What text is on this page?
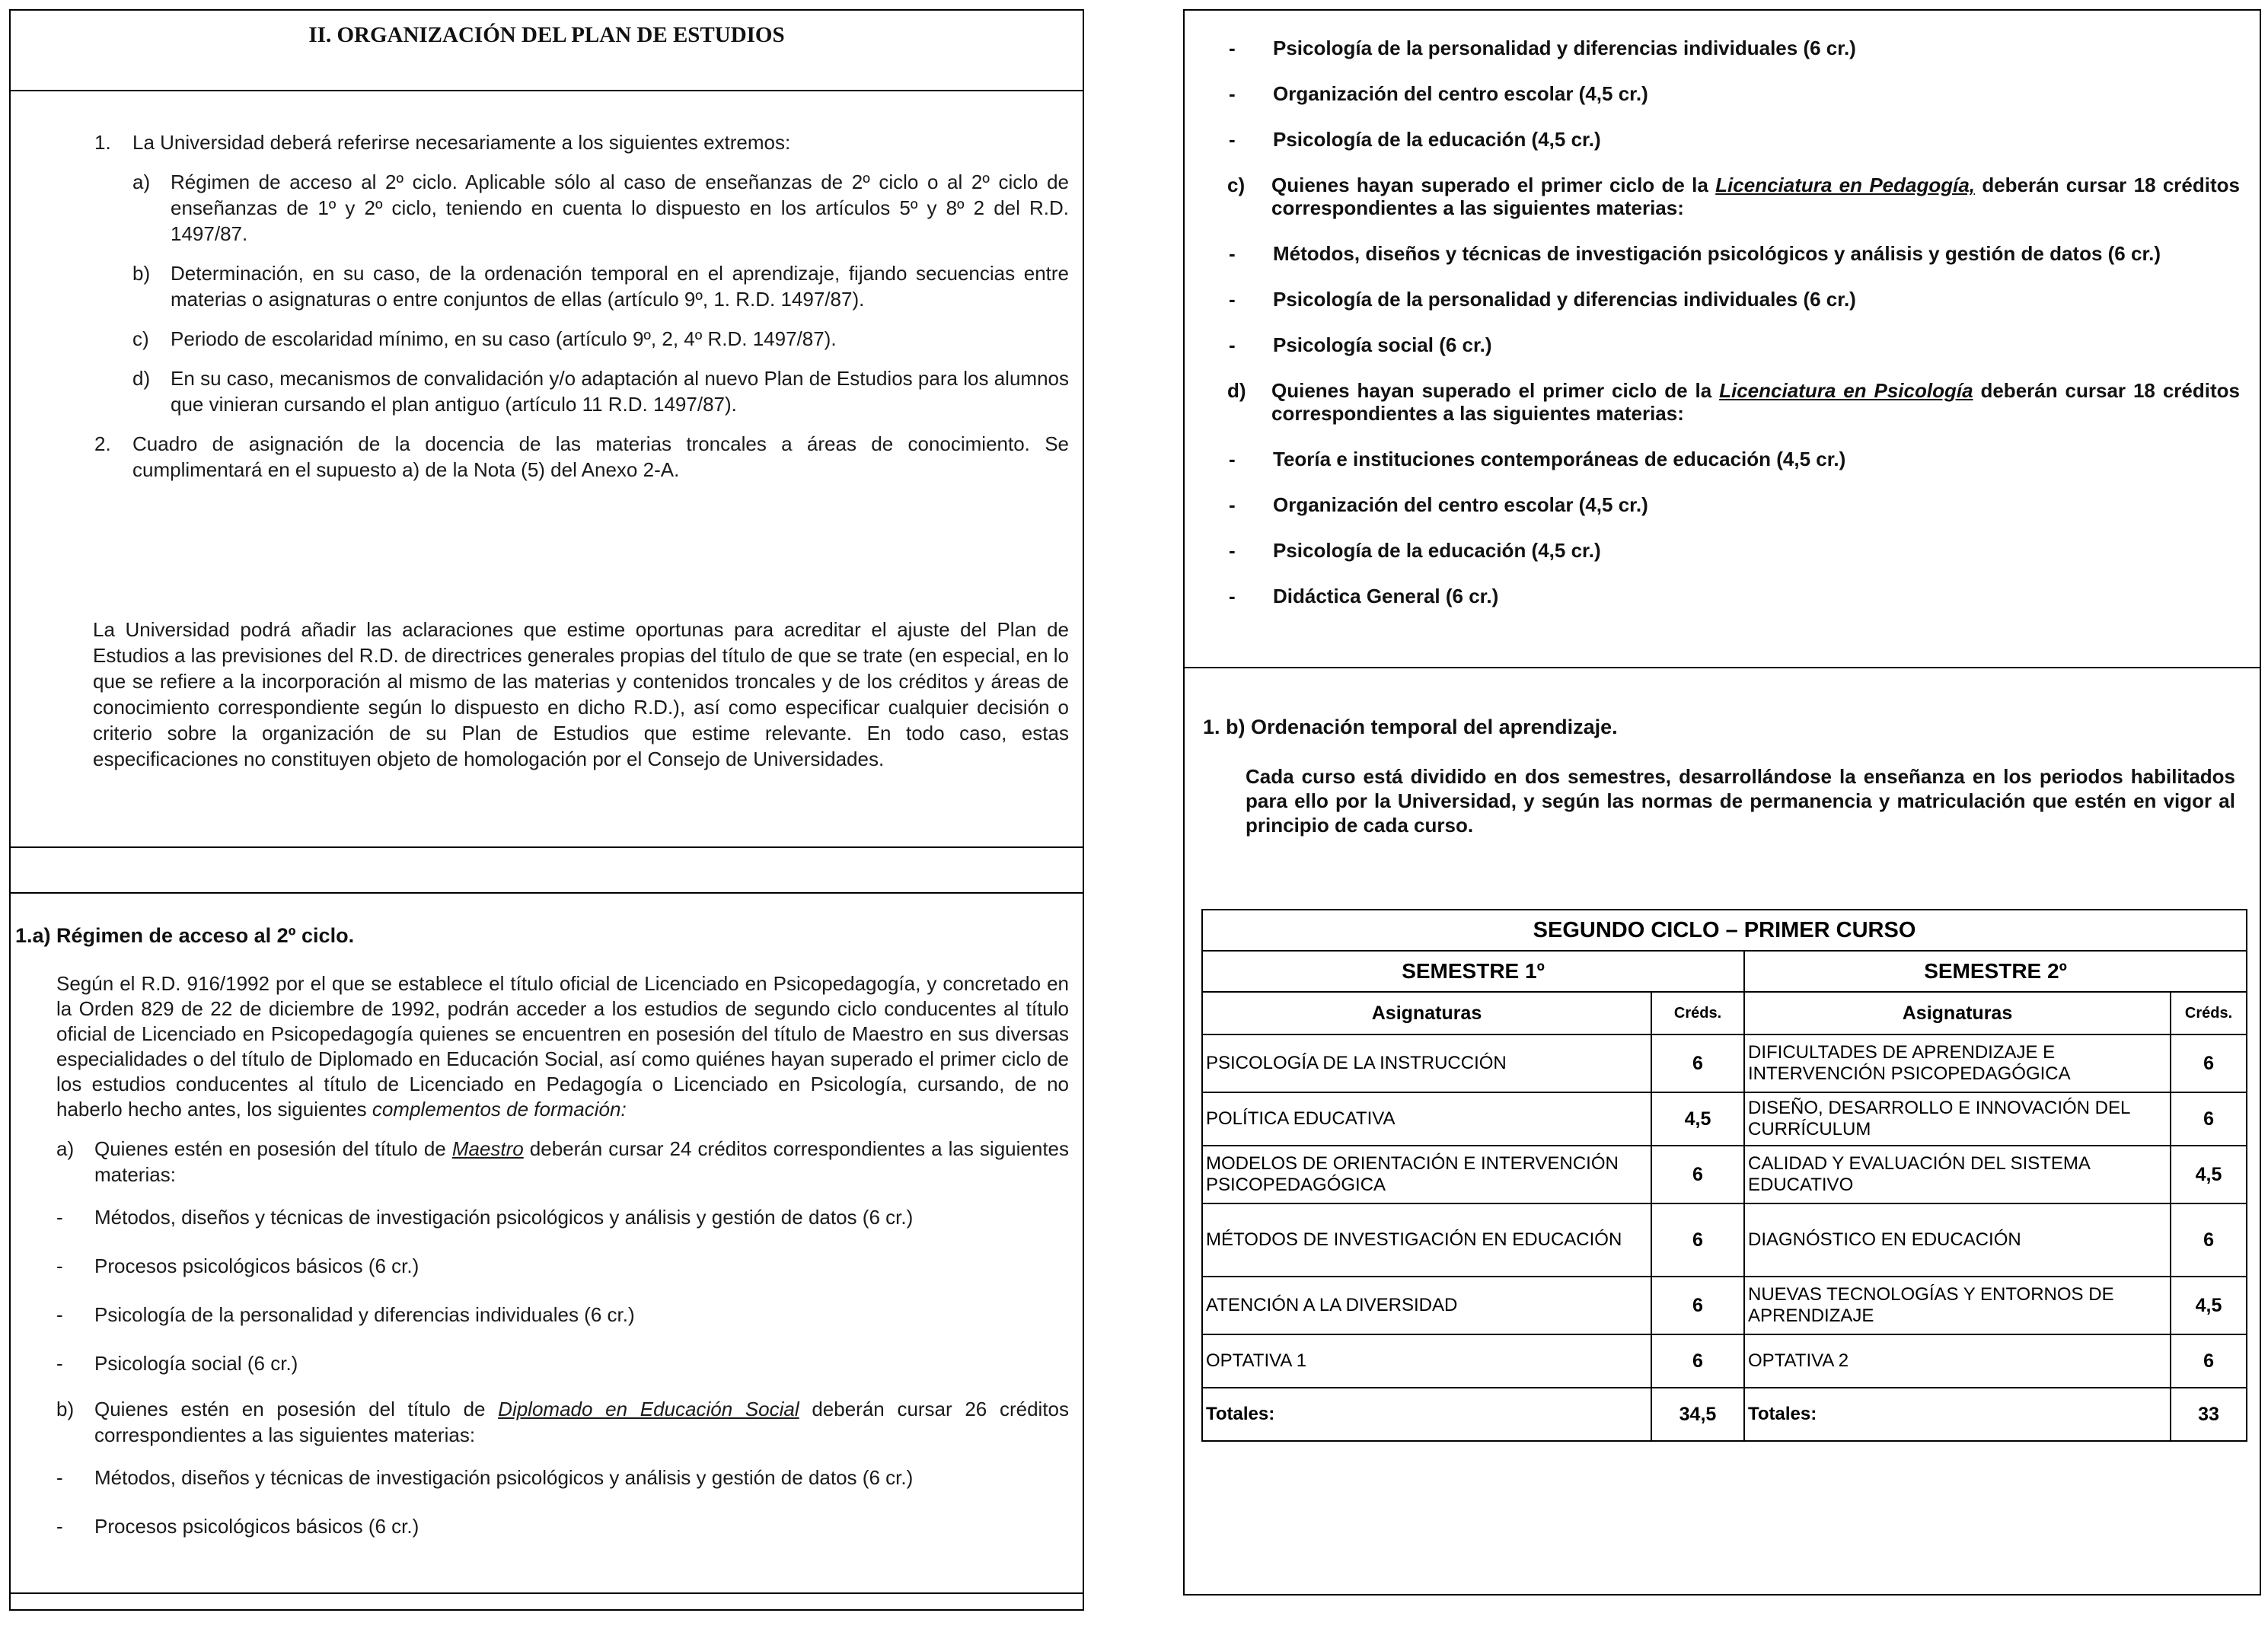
II. ORGANIZACIÓN DEL PLAN DE ESTUDIOS
1.	La Universidad deberá referirse necesariamente a los siguientes extremos:
a)	Régimen de acceso al 2º ciclo. Aplicable sólo al caso de enseñanzas de 2º ciclo o al 2º ciclo de enseñanzas de 1º y 2º ciclo, teniendo en cuenta lo dispuesto en los artículos 5º y 8º 2 del R.D. 1497/87.
b)	Determinación, en su caso, de la ordenación temporal en el aprendizaje, fijando secuencias entre materias o asignaturas o entre conjuntos de ellas (artículo 9º, 1. R.D. 1497/87).
c)	Periodo de escolaridad mínimo, en su caso (artículo 9º, 2, 4º R.D. 1497/87).
d)	En su caso, mecanismos de convalidación y/o adaptación al nuevo Plan de Estudios para los alumnos que vinieran cursando el plan antiguo (artículo 11 R.D. 1497/87).
2.	Cuadro de asignación de la docencia de las materias troncales a áreas de conocimiento. Se cumplimentará en el supuesto a) de la Nota (5) del Anexo 2-A.

La Universidad podrá añadir las aclaraciones que estime oportunas para acreditar el ajuste del Plan de Estudios a las previsiones del R.D. de directrices generales propias del título de que se trate (en especial, en lo que se refiere a la incorporación al mismo de las materias y contenidos troncales y de los créditos y áreas de conocimiento correspondiente según lo dispuesto en dicho R.D.), así como especificar cualquier decisión o criterio sobre la organización de su Plan de Estudios que estime relevante. En todo caso, estas especificaciones no constituyen objeto de homologación por el Consejo de Universidades.

1.a) Régimen de acceso al 2º ciclo.

Según el R.D. 916/1992 por el que se establece el título oficial de Licenciado en Psicopedagogía, y concretado en la Orden 829 de 22 de diciembre de 1992, podrán acceder a los estudios de segundo ciclo conducentes al título oficial de Licenciado en Psicopedagogía quienes se encuentren en posesión del título de Maestro en sus diversas especialidades o del título de Diplomado en Educación Social, así como quiénes hayan superado el primer ciclo de los estudios conducentes al título de Licenciado en Pedagogía o Licenciado en Psicología, cursando, de no haberlo hecho antes, los siguientes complementos de formación:

a)	Quienes estén en posesión del título de Maestro deberán cursar 24 créditos correspondientes a las siguientes materias:
-	Métodos, diseños y técnicas de investigación psicológicos y análisis y gestión de datos (6 cr.)
-	Procesos psicológicos básicos (6 cr.)
-	Psicología de la personalidad y diferencias individuales (6 cr.)
-	Psicología social (6 cr.)
b)	Quienes estén en posesión del título de Diplomado en Educación Social deberán cursar 26 créditos correspondientes a las siguientes materias:
-	Métodos, diseños y técnicas de investigación psicológicos y análisis y gestión de datos (6 cr.)
-	Procesos psicológicos básicos (6 cr.)
-	Psicología de la personalidad y diferencias individuales (6 cr.)
-	Organización del centro escolar (4,5 cr.)
-	Psicología de la educación (4,5 cr.)
c)	Quienes hayan superado el primer ciclo de la Licenciatura en Pedagogía, deberán cursar 18 créditos correspondientes a las siguientes materias:
-	Métodos, diseños y técnicas de investigación psicológicos y análisis y gestión de datos (6 cr.)
-	Psicología de la personalidad y diferencias individuales (6 cr.)
-	Psicología social (6 cr.)
d)	Quienes hayan superado el primer ciclo de la Licenciatura en Psicología deberán cursar 18 créditos correspondientes a las siguientes materias:
-	Teoría e instituciones contemporáneas de educación (4,5 cr.)
-	Organización del centro escolar (4,5 cr.)
-	Psicología de la educación (4,5 cr.)
-	Didáctica General (6 cr.)
1. b) Ordenación temporal del aprendizaje.
Cada curso está dividido en dos semestres, desarrollándose la enseñanza en los periodos habilitados para ello por la Universidad, y según las normas de permanencia y matriculación que estén en vigor al principio de cada curso.
SEGUNDO CICLO – PRIMER CURSO			
SEMESTRE 1º		SEMESTRE 2º	
Asignaturas	Créds.	Asignaturas	Créds.
PSICOLOGÍA DE LA INSTRUCCIÓN	6	DIFICULTADES DE APRENDIZAJE E INTERVENCIÓN PSICOPEDAGÓGICA	6
POLÍTICA EDUCATIVA	4,5	DISEÑO, DESARROLLO E INNOVACIÓN DEL CURRÍCULUM	6
MODELOS DE ORIENTACIÓN E INTERVENCIÓN PSICOPEDAGÓGICA	6	CALIDAD Y EVALUACIÓN DEL SISTEMA EDUCATIVO	4,5
MÉTODOS DE INVESTIGACIÓN EN EDUCACIÓN	6	DIAGNÓSTICO EN EDUCACIÓN	6
ATENCIÓN A LA DIVERSIDAD	6	NUEVAS TECNOLOGÍAS Y ENTORNOS DE APRENDIZAJE	4,5
OPTATIVA 1	6	OPTATIVA 2	6
Totales:	34,5	Totales:	33
